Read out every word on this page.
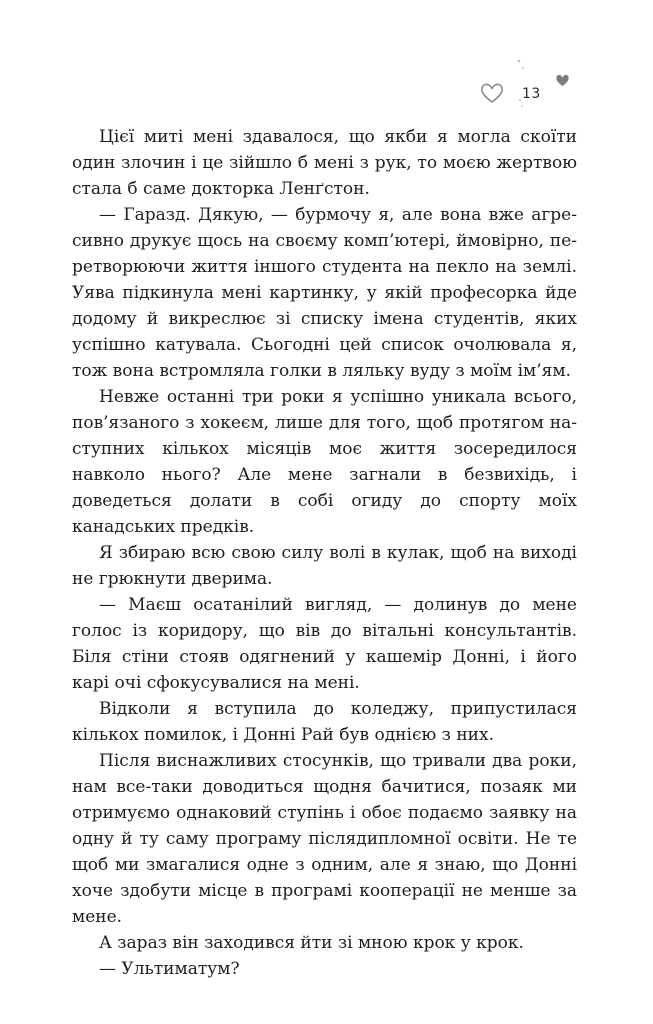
13

Цієї миті мені здавалося, що якби я могла скоїти один злочин і це зійшло б мені з рук, то моєю жертвою стала б саме докторка Ленґстон.

— Гаразд. Дякую, — бурмочу я, але вона вже агресивно друкує щось на своєму комп’ютері, ймовірно, перетворюючи життя іншого студента на пекло на землі. Уява підкинула мені картинку, у якій професорка йде додому й викреслює зі списку імена студентів, яких успішно катувала. Сьогодні цей список очолювала я, тож вона встромляла голки в ляльку вуду з моїм ім’ям.

Невже останні три роки я успішно уникала всього, пов’язаного з хокеєм, лише для того, щоб протягом наступних кількох місяців моє життя зосередилося навколо нього? Але мене загнали в безвихідь, і доведеться долати в собі огиду до спорту моїх канадських предків.

Я збираю всю свою силу волі в кулак, щоб на виході не грюкнути дверима.

— Маєш осатанілий вигляд, — долинув до мене голос із коридору, що вів до вітальні консультантів. Біля стіни стояв одягнений у кашемір Донні, і його карі очі сфокусувалися на мені.

Відколи я вступила до коледжу, припустилася кількох помилок, і Донні Рай був однією з них.

Після виснажливих стосунків, що тривали два роки, нам все-таки доводиться щодня бачитися, позаяк ми отримуємо однаковий ступінь і обоє подаємо заявку на одну й ту саму програму післядипломної освіти. Не те щоб ми змагалися одне з одним, але я знаю, що Донні хоче здобути місце в програмі кооперації не менше за мене.

А зараз він заходився йти зі мною крок у крок.

— Ультиматум?
